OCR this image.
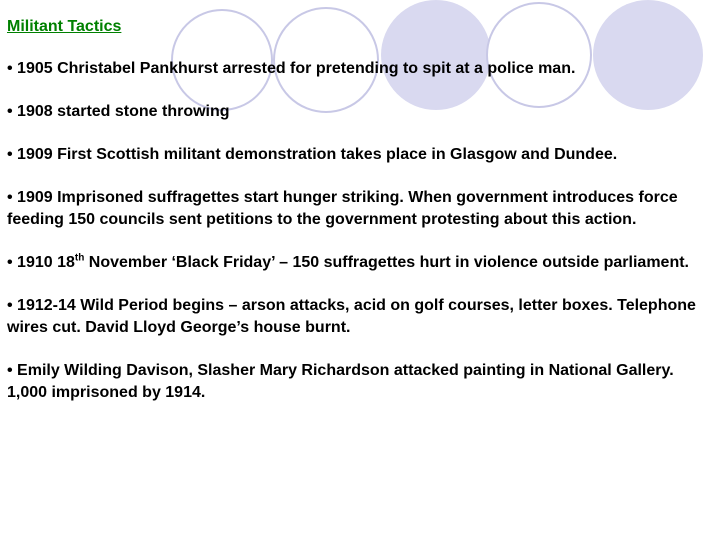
Militant Tactics

• 1905 Christabel Pankhurst arrested for pretending to spit at a police man.

• 1908 started stone throwing

• 1909 First Scottish militant demonstration takes place in Glasgow and Dundee.

• 1909 Imprisoned suffragettes start hunger striking. When government introduces force feeding 150 councils sent petitions to the government protesting about this action.

• 1910 18th November ‘Black Friday’ – 150 suffragettes hurt in violence outside parliament.

• 1912-14 Wild Period begins – arson attacks, acid on golf courses, letter boxes. Telephone wires cut. David Lloyd George’s house burnt.

• Emily Wilding Davison, Slasher Mary Richardson attacked painting in National Gallery. 1,000 imprisoned by 1914.
